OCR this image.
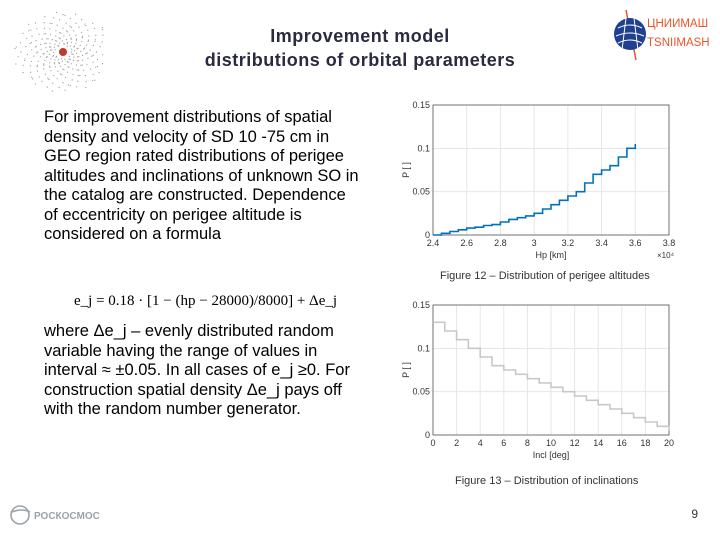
ЦНИИМАШ
TSNIIMASH
Improvement model
distributions of orbital parameters
For improvement distributions of spatial density and velocity of SD 10 -75 cm in GEO region rated distributions of perigee altitudes and inclinations of unknown SO in the catalog are constructed. Dependence of eccentricity on perigee altitude is considered on a formula
e_j = 0.18 · [1 − (hp − 28000)/8000] + Δe_j
where Δe_j – evenly distributed random variable having the range of values in interval ≈ ±0.05. In all cases of e_j ≥0. For construction spatial density Δe_j pays off with the random number generator.
2.4 2.6 2.8	3	3.2 3.4 3.6 3.8
0
0.05
0.1
0.15
Hp [km]
P [ ]
×10⁴
Figure 12 – Distribution of perigee altitudes
0 2 4 6 8 10 12 14 16 18 20
0
0.05
0.1
0.15
Incl [deg]
P [ ]
Figure 13 – Distribution of inclinations
РОСКОСМОС	9
